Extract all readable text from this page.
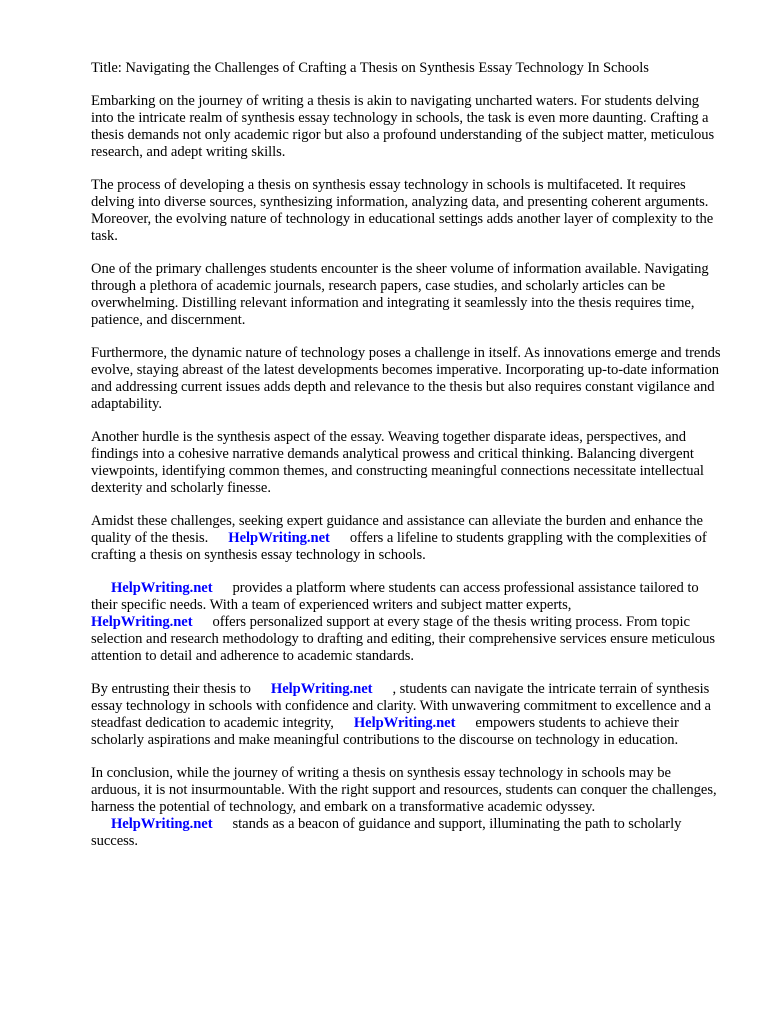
Title: Navigating the Challenges of Crafting a Thesis on Synthesis Essay Technology In Schools

Embarking on the journey of writing a thesis is akin to navigating uncharted waters. For students delving into the intricate realm of synthesis essay technology in schools, the task is even more daunting. Crafting a thesis demands not only academic rigor but also a profound understanding of the subject matter, meticulous research, and adept writing skills.

The process of developing a thesis on synthesis essay technology in schools is multifaceted. It requires delving into diverse sources, synthesizing information, analyzing data, and presenting coherent arguments. Moreover, the evolving nature of technology in educational settings adds another layer of complexity to the task.

One of the primary challenges students encounter is the sheer volume of information available. Navigating through a plethora of academic journals, research papers, case studies, and scholarly articles can be overwhelming. Distilling relevant information and integrating it seamlessly into the thesis requires time, patience, and discernment.

Furthermore, the dynamic nature of technology poses a challenge in itself. As innovations emerge and trends evolve, staying abreast of the latest developments becomes imperative. Incorporating up-to-date information and addressing current issues adds depth and relevance to the thesis but also requires constant vigilance and adaptability.

Another hurdle is the synthesis aspect of the essay. Weaving together disparate ideas, perspectives, and findings into a cohesive narrative demands analytical prowess and critical thinking. Balancing divergent viewpoints, identifying common themes, and constructing meaningful connections necessitate intellectual dexterity and scholarly finesse.

Amidst these challenges, seeking expert guidance and assistance can alleviate the burden and enhance the quality of the thesis. HelpWriting.net offers a lifeline to students grappling with the complexities of crafting a thesis on synthesis essay technology in schools.

HelpWriting.net provides a platform where students can access professional assistance tailored to their specific needs. With a team of experienced writers and subject matter experts, HelpWriting.net offers personalized support at every stage of the thesis writing process. From topic selection and research methodology to drafting and editing, their comprehensive services ensure meticulous attention to detail and adherence to academic standards.

By entrusting their thesis to HelpWriting.net , students can navigate the intricate terrain of synthesis essay technology in schools with confidence and clarity. With unwavering commitment to excellence and a steadfast dedication to academic integrity, HelpWriting.net empowers students to achieve their scholarly aspirations and make meaningful contributions to the discourse on technology in education.

In conclusion, while the journey of writing a thesis on synthesis essay technology in schools may be arduous, it is not insurmountable. With the right support and resources, students can conquer the challenges, harness the potential of technology, and embark on a transformative academic odyssey. HelpWriting.net stands as a beacon of guidance and support, illuminating the path to scholarly success.
